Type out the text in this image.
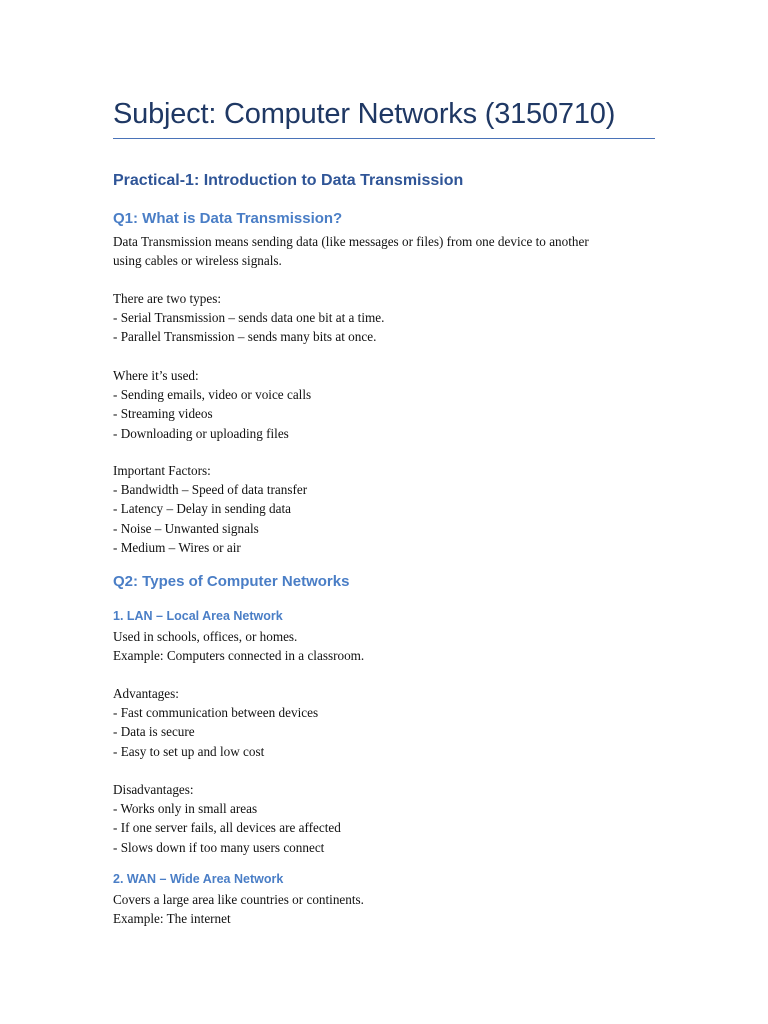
Subject: Computer Networks (3150710)
Practical-1: Introduction to Data Transmission
Q1: What is Data Transmission?
Data Transmission means sending data (like messages or files) from one device to another
using cables or wireless signals.
There are two types:
- Serial Transmission – sends data one bit at a time.
- Parallel Transmission – sends many bits at once.
Where it’s used:
- Sending emails, video or voice calls
- Streaming videos
- Downloading or uploading files
Important Factors:
- Bandwidth – Speed of data transfer
- Latency – Delay in sending data
- Noise – Unwanted signals
- Medium – Wires or air
Q2: Types of Computer Networks
1. LAN – Local Area Network
Used in schools, offices, or homes.
Example: Computers connected in a classroom.
Advantages:
- Fast communication between devices
- Data is secure
- Easy to set up and low cost
Disadvantages:
- Works only in small areas
- If one server fails, all devices are affected
- Slows down if too many users connect
2. WAN – Wide Area Network
Covers a large area like countries or continents.
Example: The internet
